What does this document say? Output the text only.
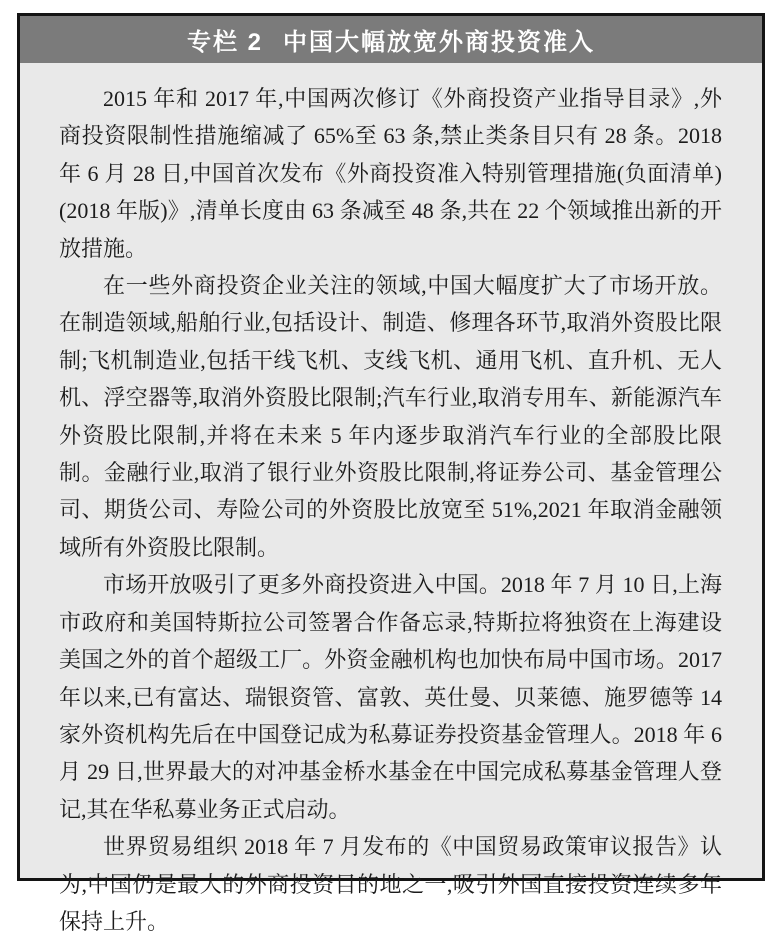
专栏 2 中国大幅放宽外商投资准入

2015 年和 2017 年,中国两次修订《外商投资产业指导目录》,外商投资限制性措施缩减了 65%至 63 条,禁止类条目只有 28 条。2018 年 6 月 28 日,中国首次发布《外商投资准入特别管理措施(负面清单)(2018 年版)》,清单长度由 63 条减至 48 条,共在 22 个领域推出新的开放措施。

在一些外商投资企业关注的领域,中国大幅度扩大了市场开放。在制造领域,船舶行业,包括设计、制造、修理各环节,取消外资股比限制;飞机制造业,包括干线飞机、支线飞机、通用飞机、直升机、无人机、浮空器等,取消外资股比限制;汽车行业,取消专用车、新能源汽车外资股比限制,并将在未来 5 年内逐步取消汽车行业的全部股比限制。金融行业,取消了银行业外资股比限制,将证券公司、基金管理公司、期货公司、寿险公司的外资股比放宽至 51%,2021 年取消金融领域所有外资股比限制。

市场开放吸引了更多外商投资进入中国。2018 年 7 月 10 日,上海市政府和美国特斯拉公司签署合作备忘录,特斯拉将独资在上海建设美国之外的首个超级工厂。外资金融机构也加快布局中国市场。2017 年以来,已有富达、瑞银资管、富敦、英仕曼、贝莱德、施罗德等 14 家外资机构先后在中国登记成为私募证券投资基金管理人。2018 年 6 月 29 日,世界最大的对冲基金桥水基金在中国完成私募基金管理人登记,其在华私募业务正式启动。

世界贸易组织 2018 年 7 月发布的《中国贸易政策审议报告》认为,中国仍是最大的外商投资目的地之一,吸引外国直接投资连续多年保持上升。
